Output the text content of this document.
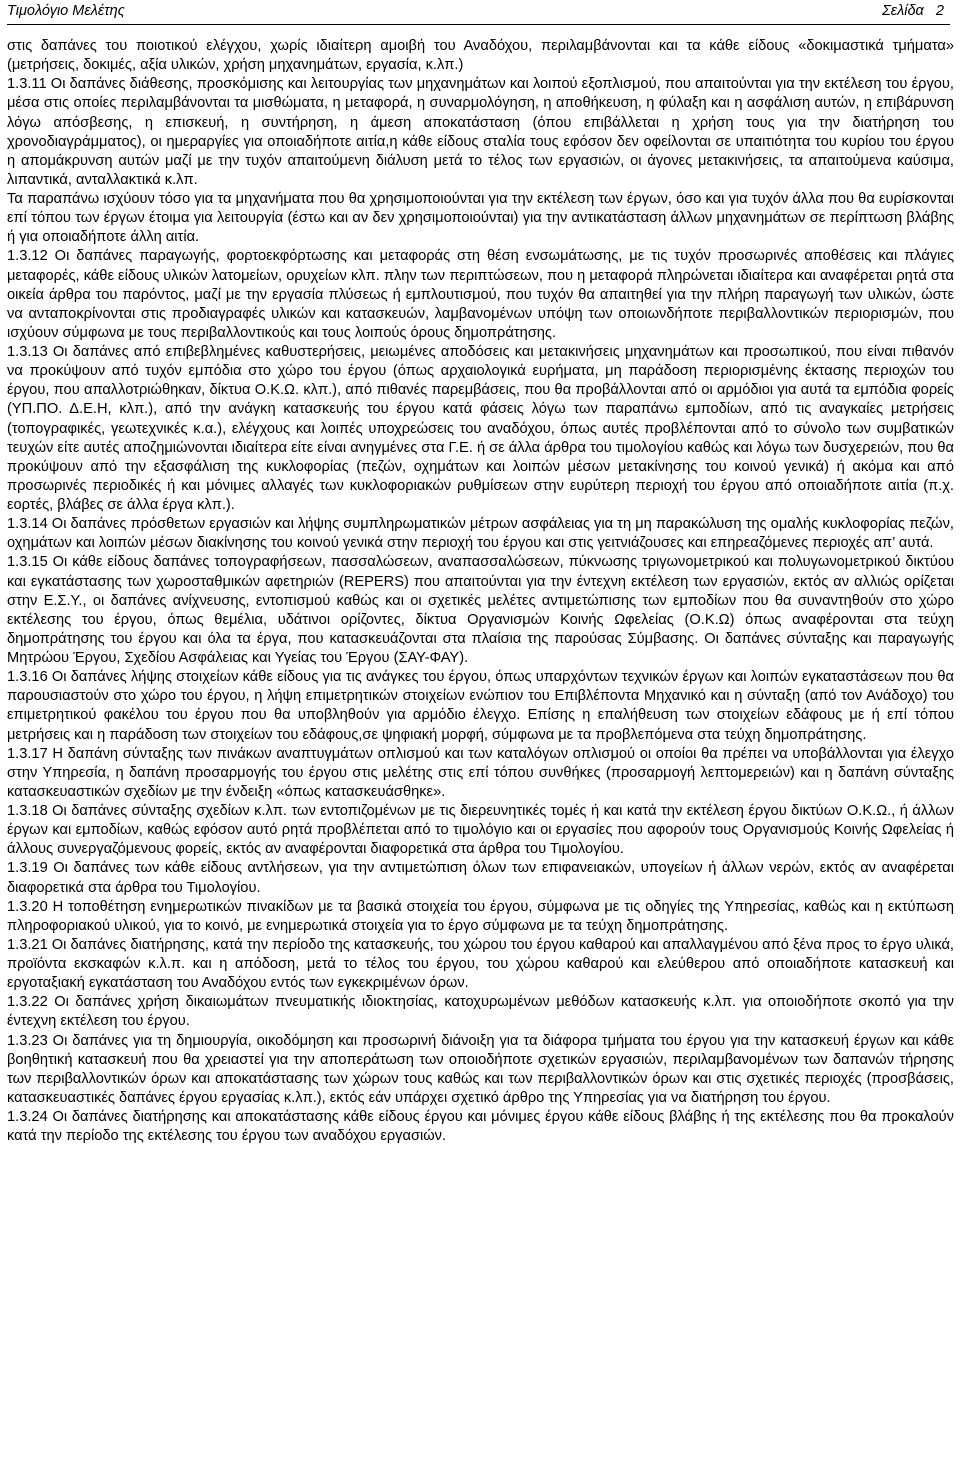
Τιμολόγιο Μελέτης	Σελίδα 2

στις δαπάνες του ποιοτικού ελέγχου, χωρίς ιδιαίτερη αμοιβή του Αναδόχου, περιλαμβάνονται και τα κάθε είδους «δοκιμαστικά τμήματα» (μετρήσεις, δοκιμές, αξία υλικών, χρήση μηχανημάτων, εργασία, κ.λπ.)

1.3.11 Οι δαπάνες διάθεσης, προσκόμισης και λειτουργίας των μηχανημάτων και λοιπού εξοπλισμού, που απαιτούνται για την εκτέλεση του έργου, μέσα στις οποίες περιλαμβάνονται τα μισθώματα, η μεταφορά, η συναρμολόγηση, η αποθήκευση, η φύλαξη και η ασφάλιση αυτών, η επιβάρυνση λόγω απόσβεσης, η επισκευή, η συντήρηση, η άμεση αποκατάσταση (όπου επιβάλλεται η χρήση τους για την διατήρηση του χρονοδιαγράμματος), οι ημεραργίες για οποιαδήποτε αιτία,η κάθε είδους σταλία τους εφόσον δεν οφείλονται σε υπαιτιότητα του κυρίου του έργου η απομάκρυνση αυτών μαζί με την τυχόν απαιτούμενη διάλυση μετά το τέλος των εργασιών, οι άγονες μετακινήσεις, τα απαιτούμενα καύσιμα, λιπαντικά, ανταλλακτικά κ.λπ.

Τα παραπάνω ισχύουν τόσο για τα μηχανήματα που θα χρησιμοποιούνται για την εκτέλεση των έργων, όσο και για τυχόν άλλα που θα ευρίσκονται επί τόπου των έργων έτοιμα για λειτουργία (έστω και αν δεν χρησιμοποιούνται) για την αντικατάσταση άλλων μηχανημάτων σε περίπτωση βλάβης ή για οποιαδήποτε άλλη αιτία.

1.3.12 Οι δαπάνες παραγωγής, φορτοεκφόρτωσης και μεταφοράς στη θέση ενσωμάτωσης, με τις τυχόν προσωρινές αποθέσεις και πλάγιες μεταφορές, κάθε είδους υλικών λατομείων, ορυχείων κλπ. πλην των περιπτώσεων, που η μεταφορά πληρώνεται ιδιαίτερα και αναφέρεται ρητά στα οικεία άρθρα του παρόντος, μαζί με την εργασία πλύσεως ή εμπλουτισμού, που τυχόν θα απαιτηθεί για την πλήρη παραγωγή των υλικών, ώστε να ανταποκρίνονται στις προδιαγραφές υλικών και κατασκευών, λαμβανομένων υπόψη των οποιωνδήποτε περιβαλλοντικών περιορισμών, που ισχύουν σύμφωνα με τους περιβαλλοντικούς και τους λοιπούς όρους δημοπράτησης.

1.3.13 Οι δαπάνες από επιβεβλημένες καθυστερήσεις, μειωμένες αποδόσεις και μετακινήσεις μηχανημάτων και προσωπικού, που είναι πιθανόν να προκύψουν από τυχόν εμπόδια στο χώρο του έργου (όπως αρχαιολογικά ευρήματα, μη παράδοση περιορισμένης έκτασης περιοχών του έργου, που απαλλοτριώθηκαν, δίκτυα Ο.Κ.Ω. κλπ.), από πιθανές παρεμβάσεις, που θα προβάλλονται από οι αρμόδιοι για αυτά τα εμπόδια φορείς (ΥΠ.ΠΟ. Δ.Ε.Η, κλπ.), από την ανάγκη κατασκευής του έργου κατά φάσεις λόγω των παραπάνω εμποδίων, από τις αναγκαίες μετρήσεις (τοπογραφικές, γεωτεχνικές κ.α.), ελέγχους και λοιπές υποχρεώσεις του αναδόχου, όπως αυτές προβλέπονται από το σύνολο των συμβατικών τευχών είτε αυτές αποζημιώνονται ιδιαίτερα είτε είναι ανηγμένες στα Γ.Ε. ή σε άλλα άρθρα του τιμολογίου καθώς και λόγω των δυσχερειών, που θα προκύψουν από την εξασφάλιση της κυκλοφορίας (πεζών, οχημάτων και λοιπών μέσων μετακίνησης του κοινού γενικά) ή ακόμα και από προσωρινές περιοδικές ή και μόνιμες αλλαγές των κυκλοφοριακών ρυθμίσεων στην ευρύτερη περιοχή του έργου από οποιαδήποτε αιτία (π.χ. εορτές, βλάβες σε άλλα έργα κλπ.).

1.3.14 Οι δαπάνες πρόσθετων εργασιών και λήψης συμπληρωματικών μέτρων ασφάλειας για τη μη παρακώλυση της ομαλής κυκλοφορίας πεζών, οχημάτων και λοιπών μέσων διακίνησης του κοινού γενικά στην περιοχή του έργου και στις γειτνιάζουσες και επηρεαζόμενες περιοχές απ’ αυτά.

1.3.15 Οι κάθε είδους δαπάνες τοπογραφήσεων, πασσαλώσεων, αναπασσαλώσεων, πύκνωσης τριγωνομετρικού και πολυγωνομετρικού δικτύου και εγκατάστασης των χωροσταθμικών αφετηριών (REPERS) που απαιτούνται για την έντεχνη εκτέλεση των εργασιών, εκτός αν αλλιώς ορίζεται στην Ε.Σ.Υ., οι δαπάνες ανίχνευσης, εντοπισμού καθώς και οι σχετικές μελέτες αντιμετώπισης των εμποδίων που θα συναντηθούν στο χώρο εκτέλεσης του έργου, όπως θεμέλια, υδάτινοι ορίζοντες, δίκτυα Οργανισμών Κοινής Ωφελείας (Ο.Κ.Ω) όπως αναφέρονται στα τεύχη δημοπράτησης του έργου και όλα τα έργα, που κατασκευάζονται στα πλαίσια της παρούσας Σύμβασης. Οι δαπάνες σύνταξης και παραγωγής Μητρώου Έργου, Σχεδίου Ασφάλειας και Υγείας του Έργου (ΣΑΥ-ΦΑΥ).

1.3.16 Οι δαπάνες λήψης στοιχείων κάθε είδους για τις ανάγκες του έργου, όπως υπαρχόντων τεχνικών έργων και λοιπών εγκαταστάσεων που θα παρουσιαστούν στο χώρο του έργου, η λήψη επιμετρητικών στοιχείων ενώπιον του Επιβλέποντα Μηχανικό και η σύνταξη (από τον Ανάδοχο) του επιμετρητικού φακέλου του έργου που θα υποβληθούν για αρμόδιο έλεγχο. Επίσης η επαλήθευση των στοιχείων εδάφους με ή επί τόπου μετρήσεις και η παράδοση των στοιχείων του εδάφους,σε ψηφιακή μορφή, σύμφωνα με τα προβλεπόμενα στα τεύχη δημοπράτησης.

1.3.17 Η δαπάνη σύνταξης των πινάκων αναπτυγμάτων οπλισμού και των καταλόγων οπλισμού οι οποίοι θα πρέπει να υποβάλλονται για έλεγχο στην Υπηρεσία, η δαπάνη προσαρμογής του έργου στις μελέτης στις επί τόπου συνθήκες (προσαρμογή λεπτομερειών) και η δαπάνη σύνταξης κατασκευαστικών σχεδίων με την ένδειξη «όπως κατασκευάσθηκε».

1.3.18 Οι δαπάνες σύνταξης σχεδίων κ.λπ. των εντοπιζομένων με τις διερευνητικές τομές ή και κατά την εκτέλεση έργου δικτύων Ο.Κ.Ω., ή άλλων έργων και εμποδίων, καθώς εφόσον αυτό ρητά προβλέπεται από το τιμολόγιο και οι εργασίες που αφορούν τους Οργανισμούς Κοινής Ωφελείας ή άλλους συνεργαζόμενους φορείς, εκτός αν αναφέρονται διαφορετικά στα άρθρα του Τιμολογίου.

1.3.19 Οι δαπάνες των κάθε είδους αντλήσεων, για την αντιμετώπιση όλων των επιφανειακών, υπογείων ή άλλων νερών, εκτός αν αναφέρεται διαφορετικά στα άρθρα του Τιμολογίου.

1.3.20 Η τοποθέτηση ενημερωτικών πινακίδων με τα βασικά στοιχεία του έργου, σύμφωνα με τις οδηγίες της Υπηρεσίας, καθώς και η εκτύπωση πληροφοριακού υλικού, για το κοινό, με ενημερωτικά στοιχεία για το έργο σύμφωνα με τα τεύχη δημοπράτησης.

1.3.21 Οι δαπάνες διατήρησης, κατά την περίοδο της κατασκευής, του χώρου του έργου καθαρού και απαλλαγμένου από ξένα προς το έργο υλικά, προϊόντα εκσκαφών κ.λ.π. και η απόδοση, μετά το τέλος του έργου, του χώρου καθαρού και ελεύθερου από οποιαδήποτε κατασκευή και εργοταξιακή εγκατάσταση του Αναδόχου εντός των εγκεκριμένων όρων.

1.3.22 Οι δαπάνες χρήση δικαιωμάτων πνευματικής ιδιοκτησίας, κατοχυρωμένων μεθόδων κατασκευής κ.λπ. για οποιοδήποτε σκοπό για την έντεχνη εκτέλεση του έργου.

1.3.23 Οι δαπάνες για τη δημιουργία, οικοδόμηση και προσωρινή διάνοιξη για τα διάφορα τμήματα του έργου για την κατασκευή έργων και κάθε βοηθητική κατασκευή που θα χρειαστεί για την αποπεράτωση των οποιοδήποτε σχετικών εργασιών, περιλαμβανομένων των δαπανών τήρησης των περιβαλλοντικών όρων και αποκατάστασης των χώρων τους καθώς και των περιβαλλοντικών όρων και στις σχετικές περιοχές (προσβάσεις, κατασκευαστικές δαπάνες έργου εργασίας κ.λπ.), εκτός εάν υπάρχει σχετικό άρθρο της Υπηρεσίας για να διατήρηση του έργου.

1.3.24 Οι δαπάνες διατήρησης και αποκατάστασης κάθε είδους έργου και μόνιμες έργου κάθε είδους βλάβης ή της εκτέλεσης που θα προκαλούν κατά την περίοδο της εκτέλεσης του έργου των αναδόχου εργασιών.
